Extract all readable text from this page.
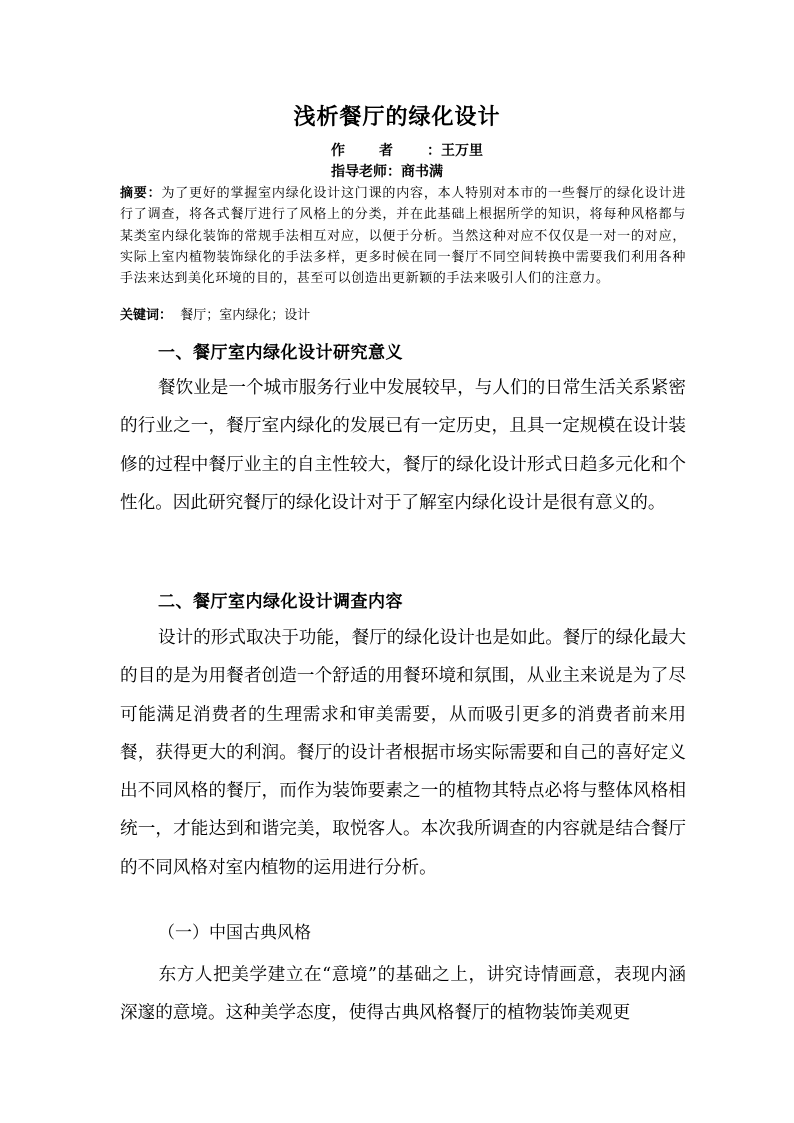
浅析餐厅的绿化设计
作者：王万里
指导老师：商书满
摘要：为了更好的掌握室内绿化设计这门课的内容，本人特别对本市的一些餐厅的绿化设计进行了调查，将各式餐厅进行了风格上的分类，并在此基础上根据所学的知识，将每种风格都与某类室内绿化装饰的常规手法相互对应，以便于分析。当然这种对应不仅仅是一对一的对应，实际上室内植物装饰绿化的手法多样，更多时候在同一餐厅不同空间转换中需要我们利用各种手法来达到美化环境的目的，甚至可以创造出更新颖的手法来吸引人们的注意力。
关键词： 餐厅；室内绿化；设计
一、餐厅室内绿化设计研究意义
餐饮业是一个城市服务行业中发展较早，与人们的日常生活关系紧密的行业之一，餐厅室内绿化的发展已有一定历史，且具一定规模在设计装修的过程中餐厅业主的自主性较大，餐厅的绿化设计形式日趋多元化和个性化。因此研究餐厅的绿化设计对于了解室内绿化设计是很有意义的。
二、餐厅室内绿化设计调查内容
设计的形式取决于功能，餐厅的绿化设计也是如此。餐厅的绿化最大的目的是为用餐者创造一个舒适的用餐环境和氛围，从业主来说是为了尽可能满足消费者的生理需求和审美需要，从而吸引更多的消费者前来用餐，获得更大的利润。餐厅的设计者根据市场实际需要和自己的喜好定义出不同风格的餐厅，而作为装饰要素之一的植物其特点必将与整体风格相统一，才能达到和谐完美，取悦客人。本次我所调查的内容就是结合餐厅的不同风格对室内植物的运用进行分析。
（一）中国古典风格
东方人把美学建立在“意境”的基础之上，讲究诗情画意，表现内涵深邃的意境。这种美学态度，使得古典风格餐厅的植物装饰美观更
